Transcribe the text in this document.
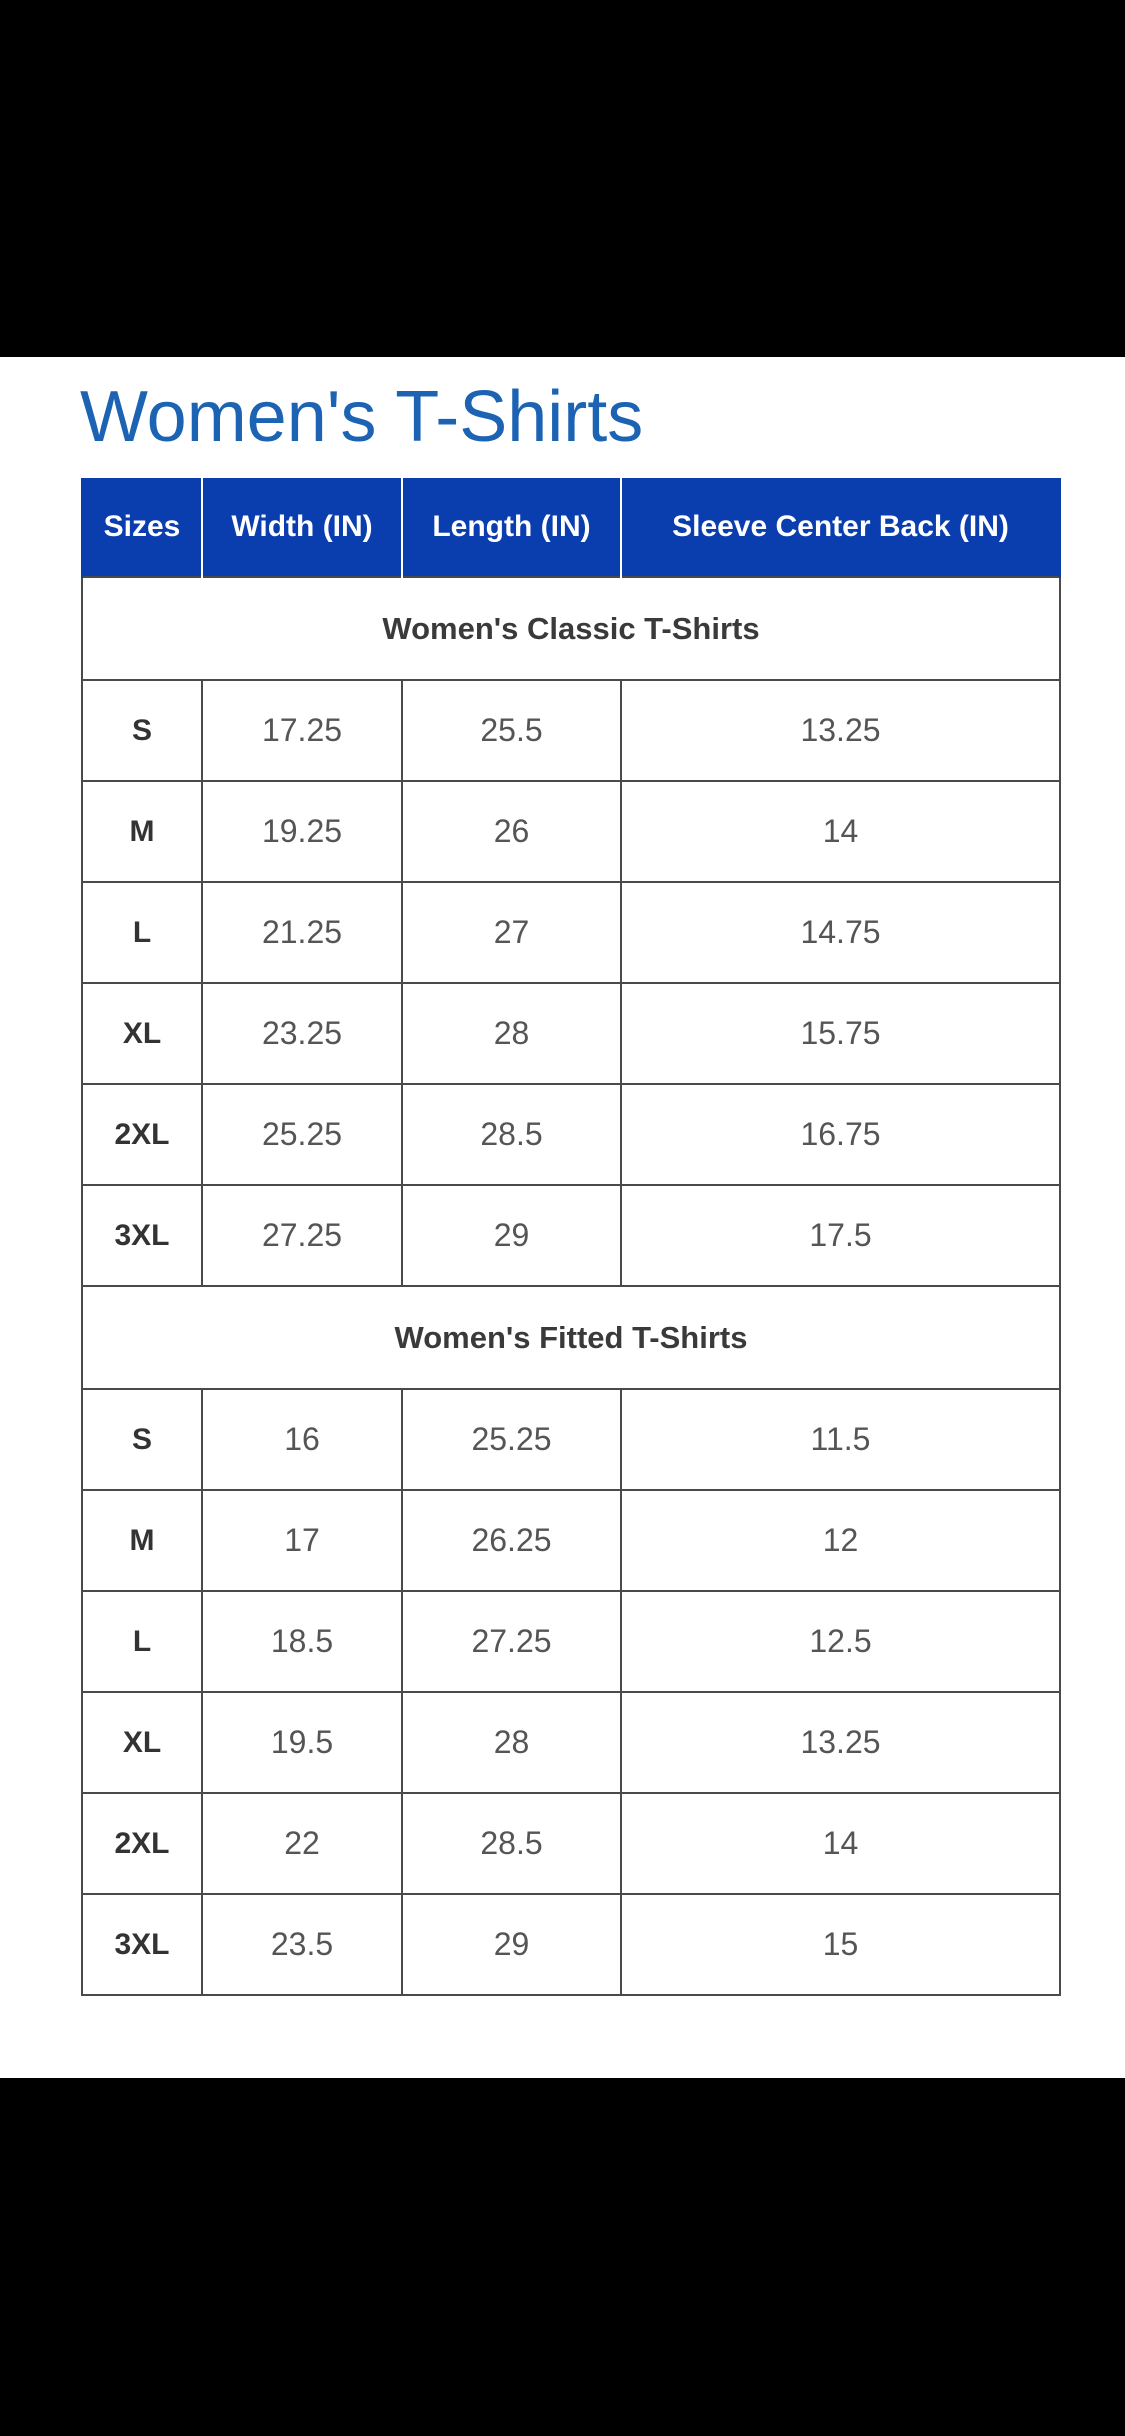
Women's T-Shirts
Sizes	Width (IN)	Length (IN)	Sleeve Center Back (IN)
Women's Classic T-Shirts			
S	17.25	25.5	13.25
M	19.25	26	14
L	21.25	27	14.75
XL	23.25	28	15.75
2XL	25.25	28.5	16.75
3XL	27.25	29	17.5
Women's Fitted T-Shirts			
S	16	25.25	11.5
M	17	26.25	12
L	18.5	27.25	12.5
XL	19.5	28	13.25
2XL	22	28.5	14
3XL	23.5	29	15
